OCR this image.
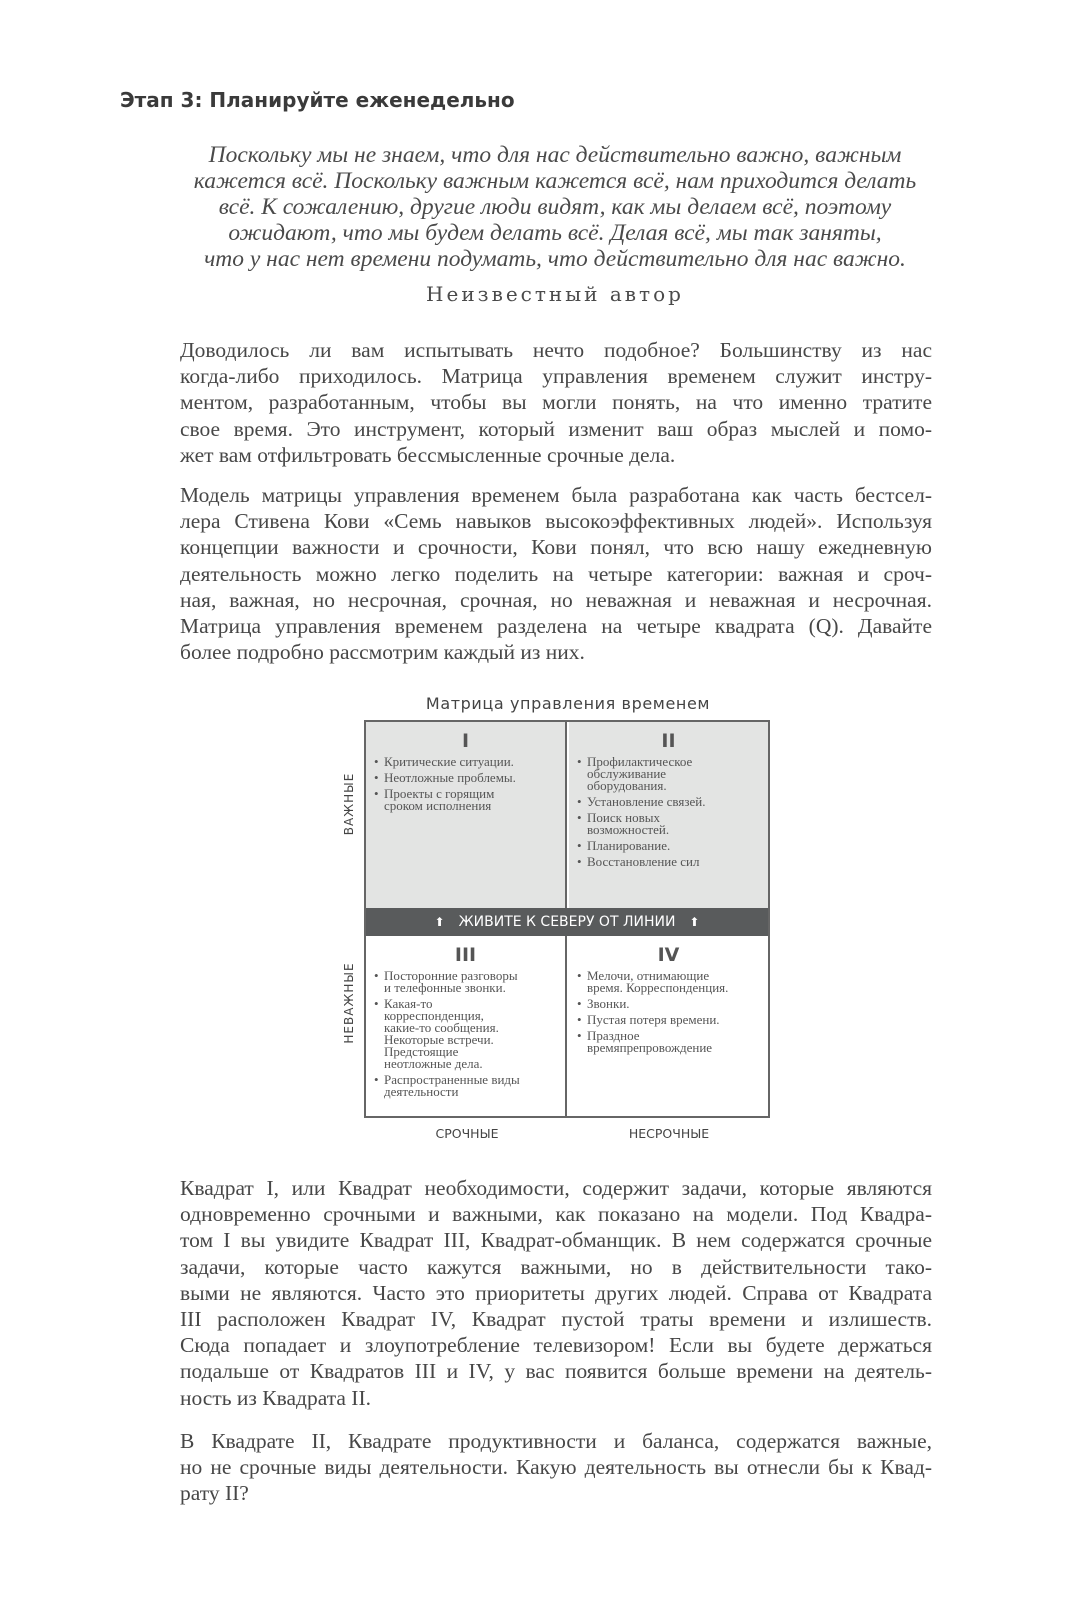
Этап 3: Планируйте еженедельно
Поскольку мы не знаем, что для нас действительно важно, важным
кажется всё. Поскольку важным кажется всё, нам приходится делать
всё. К сожалению, другие люди видят, как мы делаем всё, поэтому
ожидают, что мы будем делать всё. Делая всё, мы так заняты,
что у нас нет времени подумать, что действительно для нас важно.
Неизвестный автор
Доводилось ли вам испытывать нечто подобное? Большинству из нас
когда-либо приходилось. Матрица управления временем служит инстру-
ментом, разработанным, чтобы вы могли понять, на что именно тратите
свое время. Это инструмент, который изменит ваш образ мыслей и помо-
жет вам отфильтровать бессмысленные срочные дела.
Модель матрицы управления временем была разработана как часть бестсел-
лера Стивена Кови «Семь навыков высокоэффективных людей». Используя
концепции важности и срочности, Кови понял, что всю нашу ежедневную
деятельность можно легко поделить на четыре категории: важная и сроч-
ная, важная, но несрочная, срочная, но неважная и неважная и несрочная.
Матрица управления временем разделена на четыре квадрата (Q). Давайте
более подробно рассмотрим каждый из них.
Матрица управления временем
ВАЖНЫЕ
НЕВАЖНЫЕ
I
• Критические ситуации.
• Неотложные проблемы.
• Проекты с горящим
сроком исполнения
II
• Профилактическое
обслуживание
оборудования.
• Установление связей.
• Поиск новых
возможностей.
• Планирование.
• Восстановление сил
⬆ ЖИВИТЕ К СЕВЕРУ ОТ ЛИНИИ ⬆
III
• Посторонние разговоры
и телефонные звонки.
• Какая-то
корреспонденция,
какие-то сообщения.
Некоторые встречи.
Предстоящие
неотложные дела.
• Распространенные виды
деятельности
IV
• Мелочи, отнимающие
время. Корреспонденция.
• Звонки.
• Пустая потеря времени.
• Праздное
времяпрепровождение
СРОЧНЫЕ	НЕСРОЧНЫЕ
Квадрат I, или Квадрат необходимости, содержит задачи, которые являются
одновременно срочными и важными, как показано на модели. Под Квадра-
том I вы увидите Квадрат III, Квадрат-обманщик. В нем содержатся срочные
задачи, которые часто кажутся важными, но в действительности тако-
выми не являются. Часто это приоритеты других людей. Справа от Квадрата
III расположен Квадрат IV, Квадрат пустой траты времени и излишеств.
Сюда попадает и злоупотребление телевизором! Если вы будете держаться
подальше от Квадратов III и IV, у вас появится больше времени на деятель-
ность из Квадрата II.
В Квадрате II, Квадрате продуктивности и баланса, содержатся важные,
но не срочные виды деятельности. Какую деятельность вы отнесли бы к Квад-
рату II?
